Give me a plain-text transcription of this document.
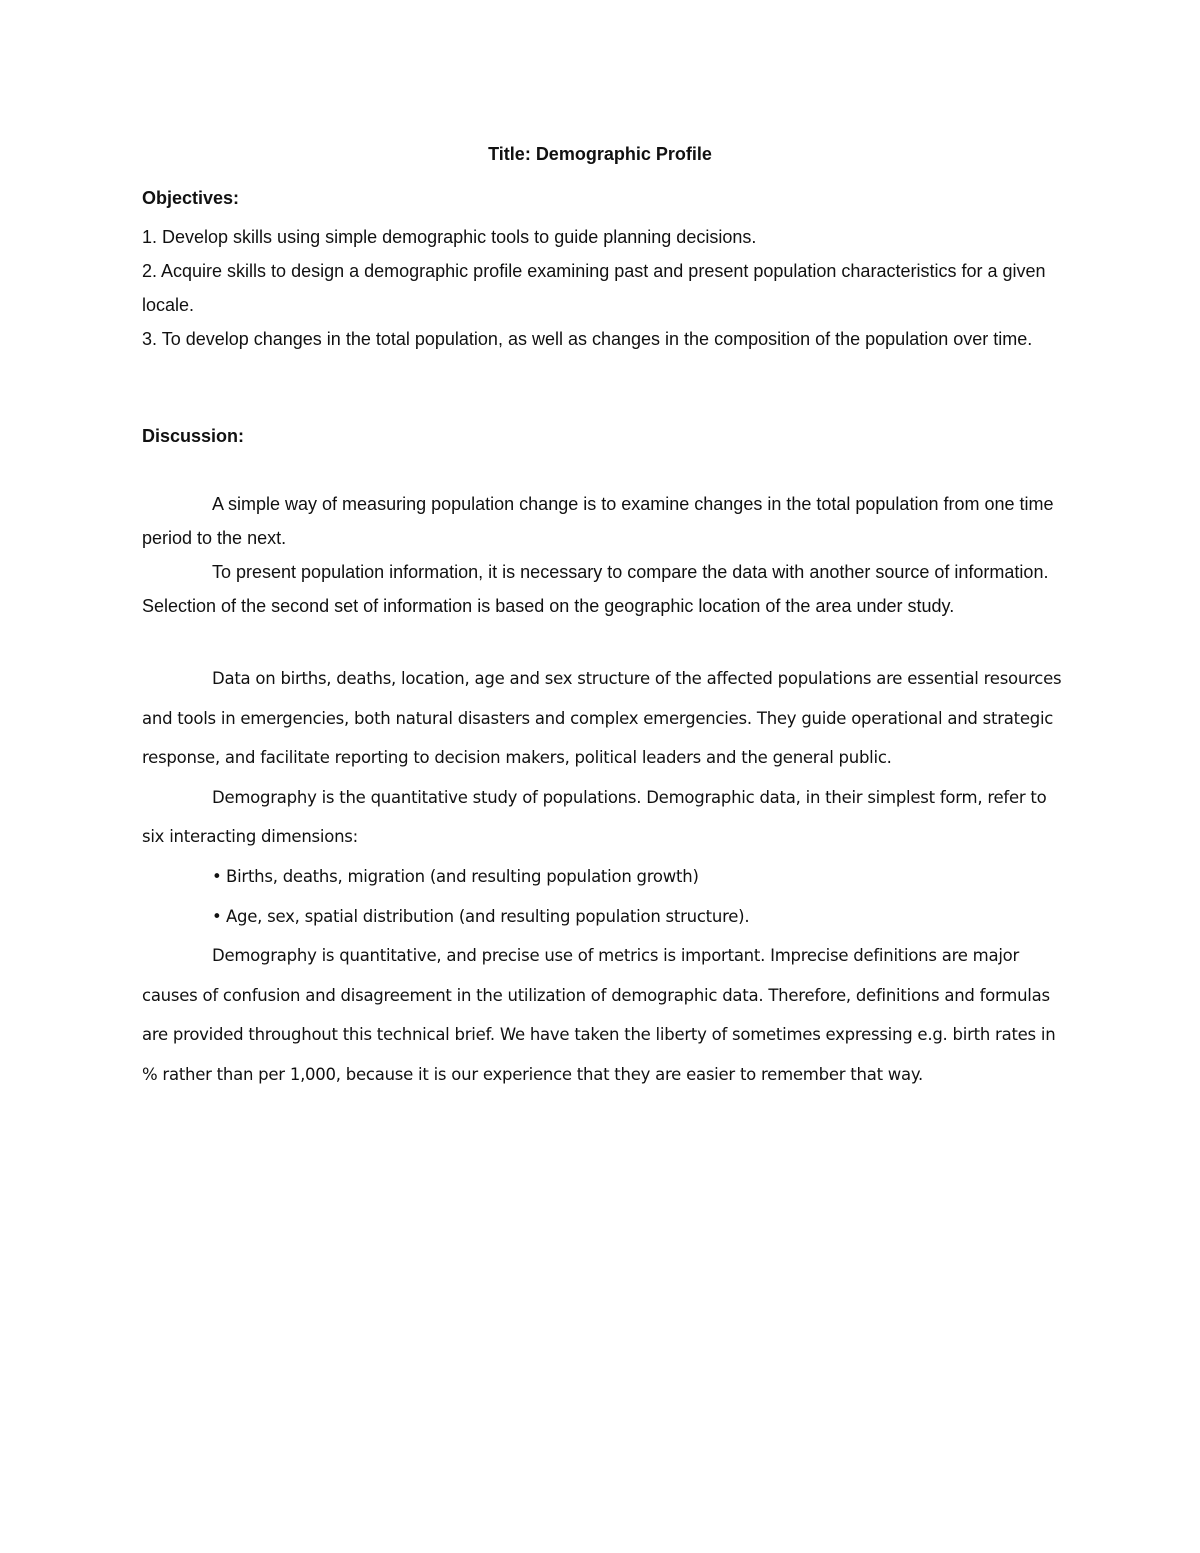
Title: Demographic Profile
Objectives:

1. Develop skills using simple demographic tools to guide planning decisions.

2. Acquire skills to design a demographic profile examining past and present population characteristics for a given locale.

3. To develop changes in the total population, as well as changes in the composition of the population over time.

Discussion:

A simple way of measuring population change is to examine changes in the total population from one time period to the next.

To present population information, it is necessary to compare the data with another source of information. Selection of the second set of information is based on the geographic location of the area under study.

Data on births, deaths, location, age and sex structure of the affected populations are essential resources and tools in emergencies, both natural disasters and complex emergencies. They guide operational and strategic response, and facilitate reporting to decision makers, political leaders and the general public.

Demography is the quantitative study of populations. Demographic data, in their simplest form, refer to six interacting dimensions:

• Births, deaths, migration (and resulting population growth)
• Age, sex, spatial distribution (and resulting population structure).

Demography is quantitative, and precise use of metrics is important. Imprecise definitions are major causes of confusion and disagreement in the utilization of demographic data. Therefore, definitions and formulas are provided throughout this technical brief. We have taken the liberty of sometimes expressing e.g. birth rates in % rather than per 1,000, because it is our experience that they are easier to remember that way.
